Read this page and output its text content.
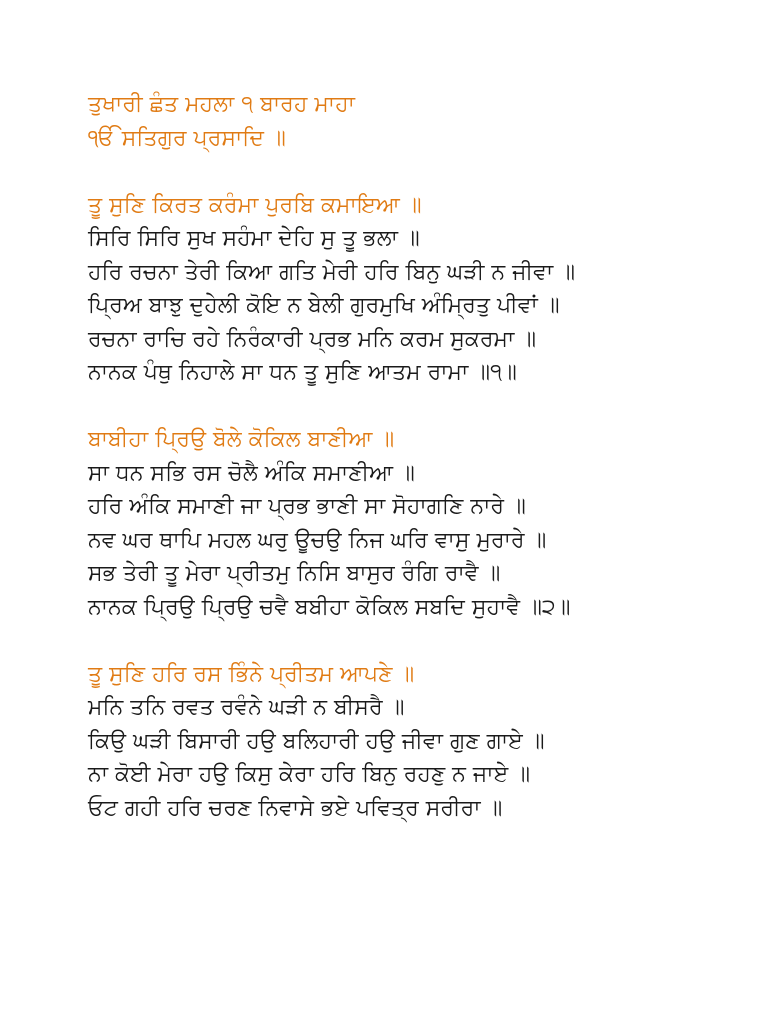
ਤੁਖਾਰੀ ਛੰਤ ਮਹਲਾ ੧ ਬਾਰਹ ਮਾਹਾ
ੴ ਸਤਿਗੁਰ ਪ੍ਰਸਾਦਿ ॥
ਤੂ ਸੁਣਿ ਕਿਰਤ ਕਰੰਮਾ ਪੁਰਬਿ ਕਮਾਇਆ ॥
ਸਿਰਿ ਸਿਰਿ ਸੁਖ ਸਹੰਮਾ ਦੇਹਿ ਸੁ ਤੂ ਭਲਾ ॥
ਹਰਿ ਰਚਨਾ ਤੇਰੀ ਕਿਆ ਗਤਿ ਮੇਰੀ ਹਰਿ ਬਿਨੁ ਘੜੀ ਨ ਜੀਵਾ ॥
ਪ੍ਰਿਅ ਬਾਝੁ ਦੁਹੇਲੀ ਕੋਇ ਨ ਬੇਲੀ ਗੁਰਮੁਖਿ ਅੰਮ੍ਰਿਤੁ ਪੀਵਾਂ ॥
ਰਚਨਾ ਰਾਚਿ ਰਹੇ ਨਿਰੰਕਾਰੀ ਪ੍ਰਭ ਮਨਿ ਕਰਮ ਸੁਕਰਮਾ ॥
ਨਾਨਕ ਪੰਥੁ ਨਿਹਾਲੇ ਸਾ ਧਨ ਤੂ ਸੁਣਿ ਆਤਮ ਰਾਮਾ ॥੧॥
ਬਾਬੀਹਾ ਪ੍ਰਿਉ ਬੋਲੇ ਕੋਕਿਲ ਬਾਣੀਆ ॥
ਸਾ ਧਨ ਸਭਿ ਰਸ ਚੋਲੈ ਅੰਕਿ ਸਮਾਣੀਆ ॥
ਹਰਿ ਅੰਕਿ ਸਮਾਣੀ ਜਾ ਪ੍ਰਭ ਭਾਣੀ ਸਾ ਸੋਹਾਗਣਿ ਨਾਰੇ ॥
ਨਵ ਘਰ ਥਾਪਿ ਮਹਲ ਘਰੁ ਊਚਉ ਨਿਜ ਘਰਿ ਵਾਸੁ ਮੁਰਾਰੇ ॥
ਸਭ ਤੇਰੀ ਤੂ ਮੇਰਾ ਪ੍ਰੀਤਮੁ ਨਿਸਿ ਬਾਸੁਰ ਰੰਗਿ ਰਾਵੈ ॥
ਨਾਨਕ ਪ੍ਰਿਉ ਪ੍ਰਿਉ ਚਵੈ ਬਬੀਹਾ ਕੋਕਿਲ ਸਬਦਿ ਸੁਹਾਵੈ ॥੨॥
ਤੂ ਸੁਣਿ ਹਰਿ ਰਸ ਭਿੰਨੇ ਪ੍ਰੀਤਮ ਆਪਣੇ ॥
ਮਨਿ ਤਨਿ ਰਵਤ ਰਵੰਨੇ ਘੜੀ ਨ ਬੀਸਰੈ ॥
ਕਿਉ ਘੜੀ ਬਿਸਾਰੀ ਹਉ ਬਲਿਹਾਰੀ ਹਉ ਜੀਵਾ ਗੁਣ ਗਾਏ ॥
ਨਾ ਕੋਈ ਮੇਰਾ ਹਉ ਕਿਸੁ ਕੇਰਾ ਹਰਿ ਬਿਨੁ ਰਹਣੁ ਨ ਜਾਏ ॥
ਓਟ ਗਹੀ ਹਰਿ ਚਰਣ ਨਿਵਾਸੇ ਭਏ ਪਵਿਤ੍ਰ ਸਰੀਰਾ ॥
